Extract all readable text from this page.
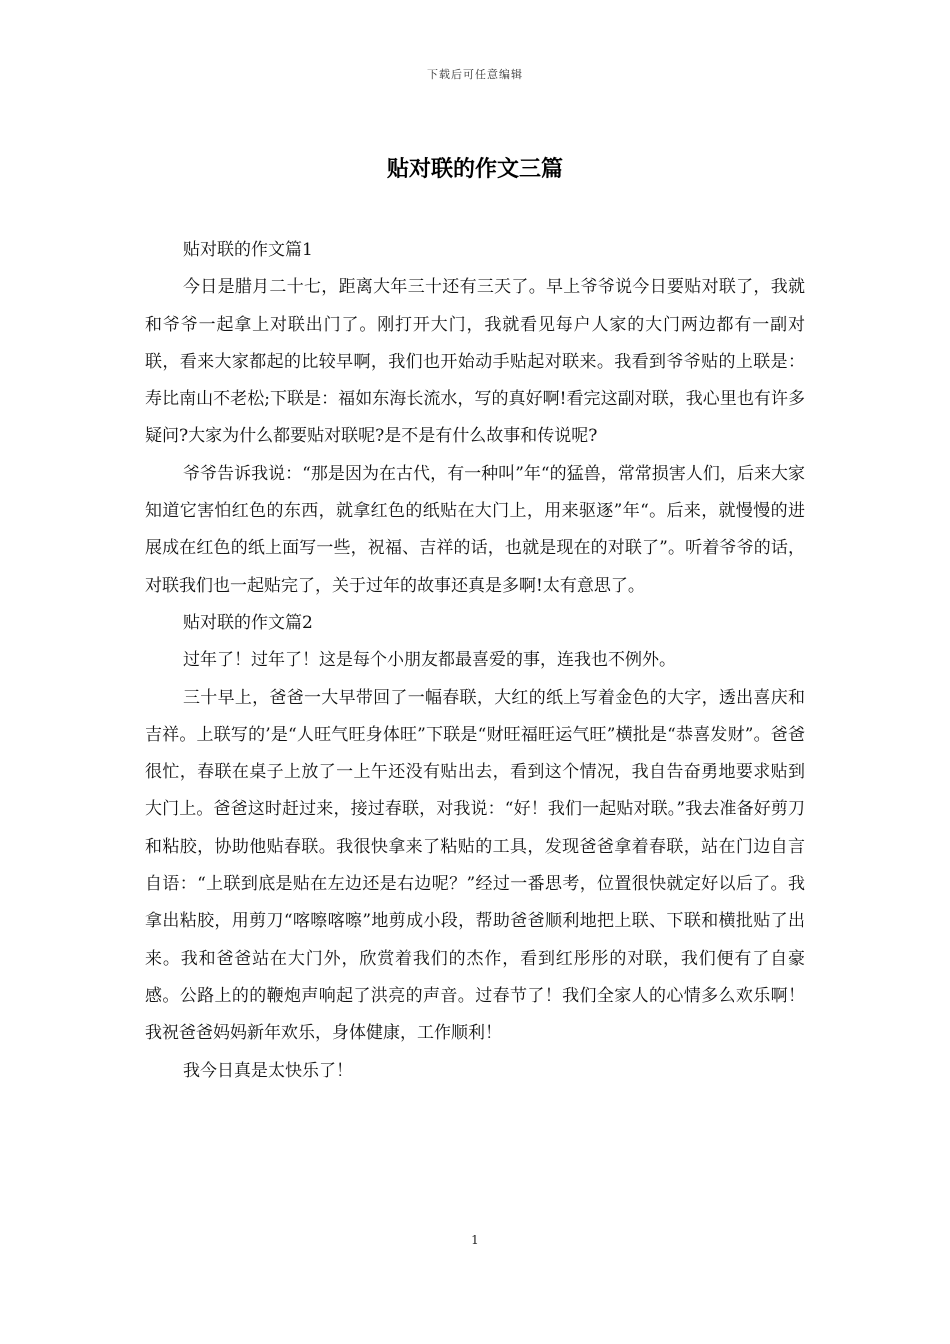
下载后可任意编辑
贴对联的作文三篇

贴对联的作文篇1

今日是腊月二十七，距离大年三十还有三天了。早上爷爷说今日要贴对联了，我就和爷爷一起拿上对联出门了。刚打开大门，我就看见每户人家的大门两边都有一副对联，看来大家都起的比较早啊，我们也开始动手贴起对联来。我看到爷爷贴的上联是：寿比南山不老松;下联是：福如东海长流水，写的真好啊!看完这副对联，我心里也有许多疑问?大家为什么都要贴对联呢?是不是有什么故事和传说呢?

爷爷告诉我说：“那是因为在古代，有一种叫”年“的猛兽，常常损害人们，后来大家知道它害怕红色的东西，就拿红色的纸贴在大门上，用来驱逐”年“。后来，就慢慢的进展成在红色的纸上面写一些，祝福、吉祥的话，也就是现在的对联了”。听着爷爷的话，对联我们也一起贴完了，关于过年的故事还真是多啊!太有意思了。

贴对联的作文篇2

过年了！过年了！这是每个小朋友都最喜爱的事，连我也不例外。

三十早上，爸爸一大早带回了一幅春联，大红的纸上写着金色的大字，透出喜庆和吉祥。上联写的’是“人旺气旺身体旺”下联是“财旺福旺运气旺”横批是“恭喜发财”。爸爸很忙，春联在桌子上放了一上午还没有贴出去，看到这个情况，我自告奋勇地要求贴到大门上。爸爸这时赶过来，接过春联，对我说：“好！我们一起贴对联。”我去准备好剪刀和粘胶，协助他贴春联。我很快拿来了粘贴的工具，发现爸爸拿着春联，站在门边自言自语：“上联到底是贴在左边还是右边呢？”经过一番思考，位置很快就定好以后了。我拿出粘胶，用剪刀“喀嚓喀嚓”地剪成小段，帮助爸爸顺利地把上联、下联和横批贴了出来。我和爸爸站在大门外，欣赏着我们的杰作，看到红彤彤的对联，我们便有了自豪感。公路上的的鞭炮声响起了洪亮的声音。过春节了！我们全家人的心情多么欢乐啊！我祝爸爸妈妈新年欢乐，身体健康，工作顺利！

我今日真是太快乐了！

1
